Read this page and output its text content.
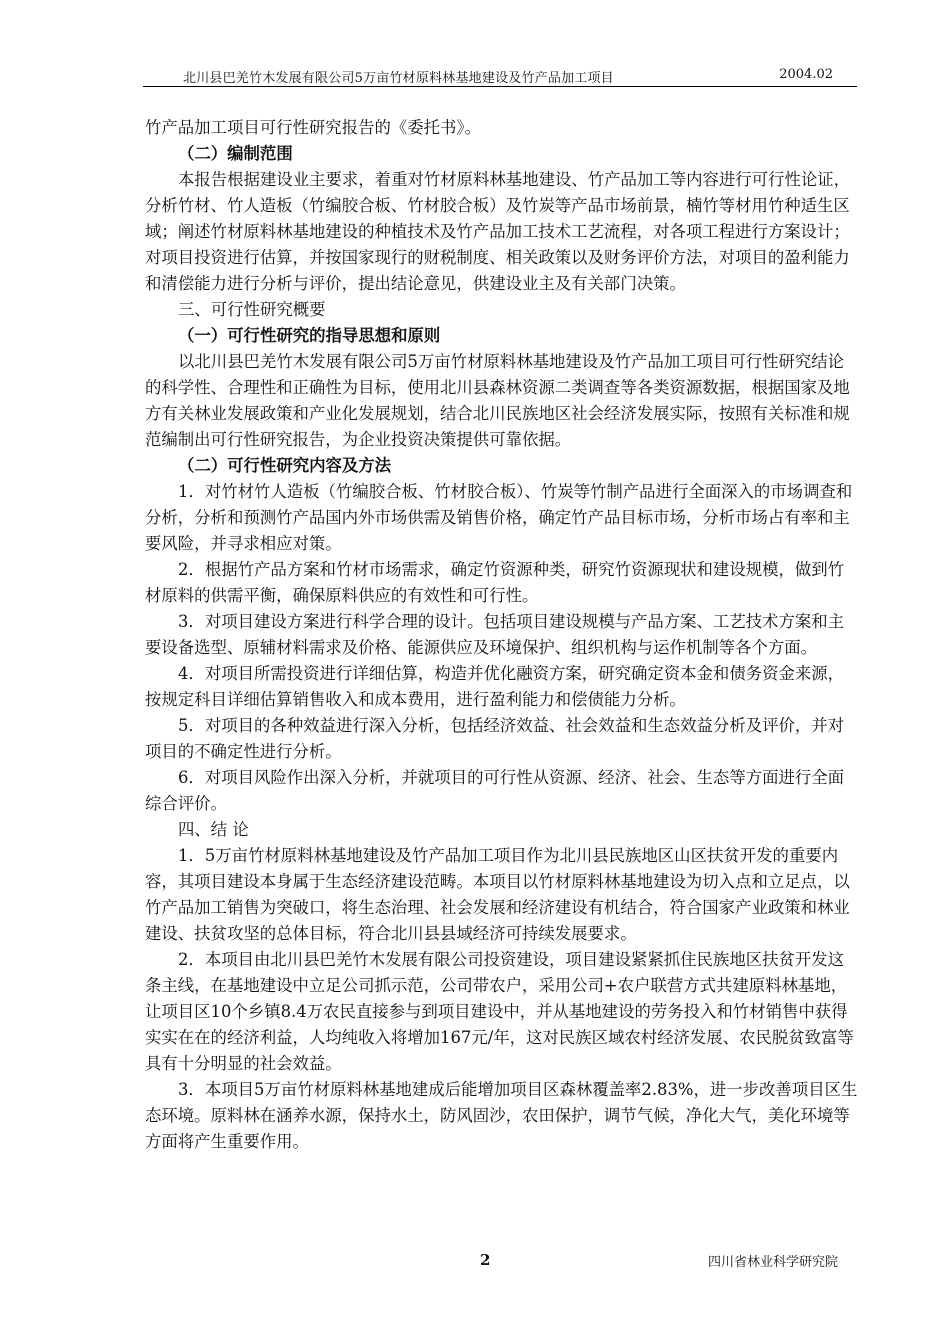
北川县巴羌竹木发展有限公司5万亩竹材原料林基地建设及竹产品加工项目	2004.02

竹产品加工项目可行性研究报告的《委托书》。

（二）编制范围

本报告根据建设业主要求，着重对竹材原料林基地建设、竹产品加工等内容进行可行性论证，分析竹材、竹人造板（竹编胶合板、竹材胶合板）及竹炭等产品市场前景，楠竹等材用竹种适生区域；阐述竹材原料林基地建设的种植技术及竹产品加工技术工艺流程，对各项工程进行方案设计；对项目投资进行估算，并按国家现行的财税制度、相关政策以及财务评价方法，对项目的盈利能力和清偿能力进行分析与评价，提出结论意见，供建设业主及有关部门决策。

三、可行性研究概要

（一）可行性研究的指导思想和原则

以北川县巴羌竹木发展有限公司5万亩竹材原料林基地建设及竹产品加工项目可行性研究结论的科学性、合理性和正确性为目标，使用北川县森林资源二类调查等各类资源数据，根据国家及地方有关林业发展政策和产业化发展规划，结合北川民族地区社会经济发展实际，按照有关标准和规范编制出可行性研究报告，为企业投资决策提供可靠依据。

（二）可行性研究内容及方法

1．对竹材竹人造板（竹编胶合板、竹材胶合板）、竹炭等竹制产品进行全面深入的市场调查和分析，分析和预测竹产品国内外市场供需及销售价格，确定竹产品目标市场，分析市场占有率和主要风险，并寻求相应对策。

2．根据竹产品方案和竹材市场需求，确定竹资源种类，研究竹资源现状和建设规模，做到竹材原料的供需平衡，确保原料供应的有效性和可行性。

3．对项目建设方案进行科学合理的设计。包括项目建设规模与产品方案、工艺技术方案和主要设备选型、原辅材料需求及价格、能源供应及环境保护、组织机构与运作机制等各个方面。

4．对项目所需投资进行详细估算，构造并优化融资方案，研究确定资本金和债务资金来源，按规定科目详细估算销售收入和成本费用，进行盈利能力和偿债能力分析。

5．对项目的各种效益进行深入分析，包括经济效益、社会效益和生态效益分析及评价，并对项目的不确定性进行分析。

6．对项目风险作出深入分析，并就项目的可行性从资源、经济、社会、生态等方面进行全面综合评价。

四、结 论

1．5万亩竹材原料林基地建设及竹产品加工项目作为北川县民族地区山区扶贫开发的重要内容，其项目建设本身属于生态经济建设范畴。本项目以竹材原料林基地建设为切入点和立足点，以竹产品加工销售为突破口，将生态治理、社会发展和经济建设有机结合，符合国家产业政策和林业建设、扶贫攻坚的总体目标，符合北川县县域经济可持续发展要求。

2．本项目由北川县巴羌竹木发展有限公司投资建设，项目建设紧紧抓住民族地区扶贫开发这条主线，在基地建设中立足公司抓示范，公司带农户，采用公司+农户联营方式共建原料林基地，让项目区10个乡镇8.4万农民直接参与到项目建设中，并从基地建设的劳务投入和竹材销售中获得实实在在的经济利益，人均纯收入将增加167元/年，这对民族区域农村经济发展、农民脱贫致富等具有十分明显的社会效益。

3．本项目5万亩竹材原料林基地建成后能增加项目区森林覆盖率2.83%，进一步改善项目区生态环境。原料林在涵养水源，保持水土，防风固沙，农田保护，调节气候，净化大气，美化环境等方面将产生重要作用。

2	四川省林业科学研究院
